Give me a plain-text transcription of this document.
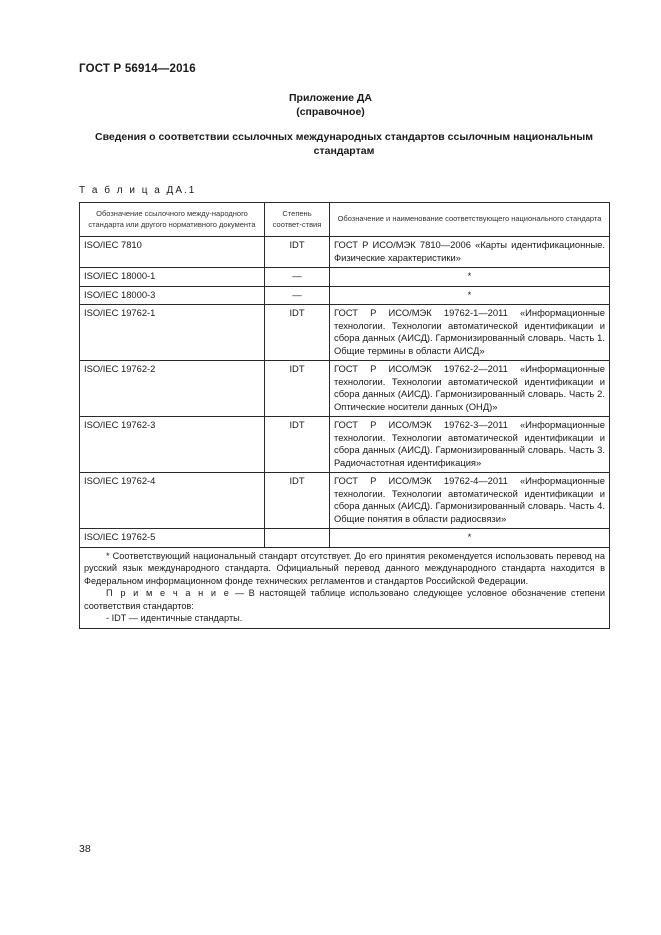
ГОСТ Р 56914—2016
Приложение ДА
(справочное)
Сведения о соответствии ссылочных международных стандартов ссылочным национальным стандартам
Т а б л и ц а ДА.1
Обозначение ссылочного между-народного стандарта или другого нормативного документа	Степень соответ-ствия	Обозначение и наименование соответствующего национального стандарта
ISO/IEC 7810	IDT	ГОСТ Р ИСО/МЭК 7810—2006 «Карты идентификационные. Физические характеристики»
ISO/IEC 18000-1	—	*
ISO/IEC 18000-3	—	*
ISO/IEC 19762-1	IDT	ГОСТ Р ИСО/МЭК 19762-1—2011 «Информационные технологии. Технологии автоматической идентификации и сбора данных (АИСД). Гармонизированный словарь. Часть 1. Общие термины в области АИСД»
ISO/IEC 19762-2	IDT	ГОСТ Р ИСО/МЭК 19762-2—2011 «Информационные технологии. Технологии автоматической идентификации и сбора данных (АИСД). Гармонизированный словарь. Часть 2. Оптические носители данных (ОНД)»
ISO/IEC 19762-3	IDT	ГОСТ Р ИСО/МЭК 19762-3—2011 «Информационные технологии. Технологии автоматической идентификации и сбора данных (АИСД). Гармонизированный словарь. Часть 3. Радиочастотная идентификация»
ISO/IEC 19762-4	IDT	ГОСТ Р ИСО/МЭК 19762-4—2011 «Информационные технологии. Технологии автоматической идентификации и сбора данных (АИСД). Гармонизированный словарь. Часть 4. Общие понятия в области радиосвязи»
ISO/IEC 19762-5		*

* Соответствующий национальный стандарт отсутствует. До его принятия рекомендуется использовать перевод на русский язык международного стандарта. Официальный перевод данного международного стандарта находится в Федеральном информационном фонде технических регламентов и стандартов Российской Федерации.
П р и м е ч а н и е — В настоящей таблице использовано следующее условное обозначение степени соответствия стандартов:
- IDT — идентичные стандарты.		
38
